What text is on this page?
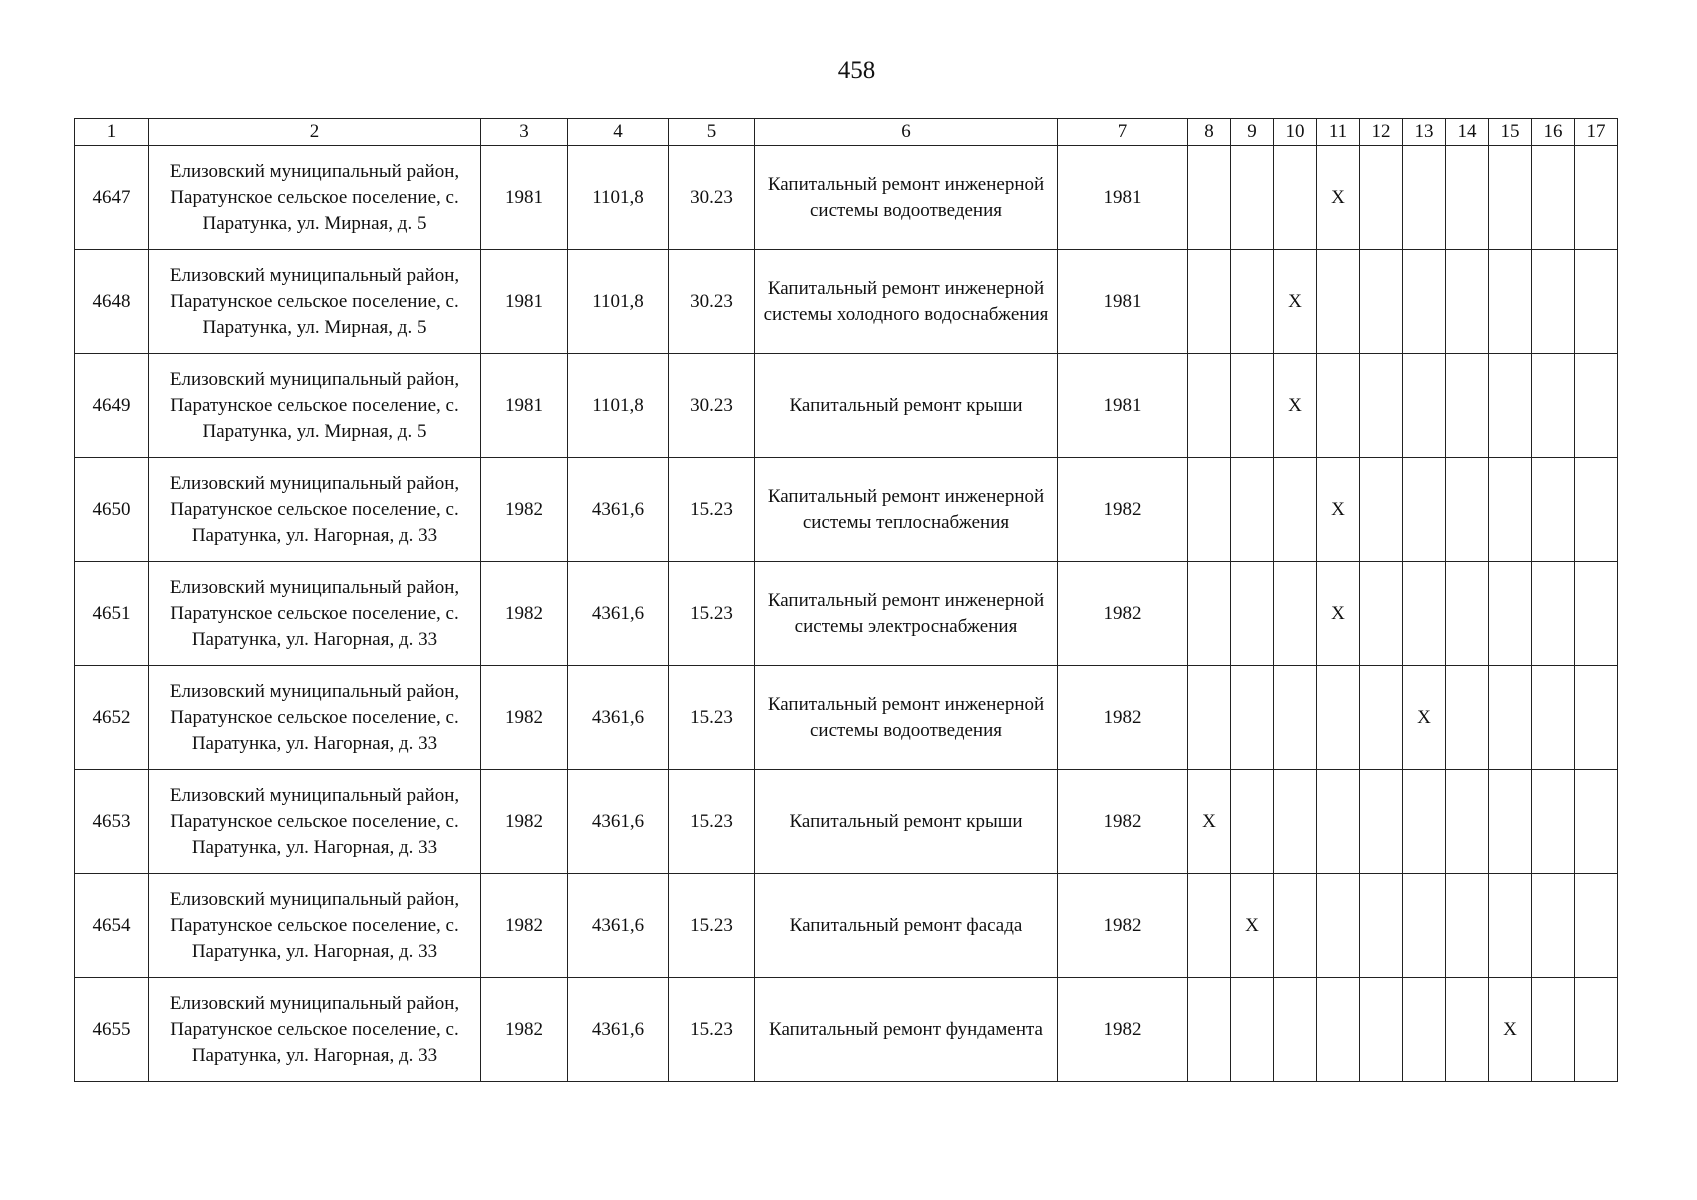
458
1	2	3	4	5	6	7	8	9	10	11	12	13	14	15	16	17
4647	Елизовский муниципальный район, Паратунское сельское поселение, с. Паратунка, ул. Мирная, д. 5	1981	1101,8	30.23	Капитальный ремонт инженерной системы водоотведения	1981				X						
4648	Елизовский муниципальный район, Паратунское сельское поселение, с. Паратунка, ул. Мирная, д. 5	1981	1101,8	30.23	Капитальный ремонт инженерной системы холодного водоснабжения	1981			X							
4649	Елизовский муниципальный район, Паратунское сельское поселение, с. Паратунка, ул. Мирная, д. 5	1981	1101,8	30.23	Капитальный ремонт крыши	1981			X							
4650	Елизовский муниципальный район, Паратунское сельское поселение, с. Паратунка, ул. Нагорная, д. 33	1982	4361,6	15.23	Капитальный ремонт инженерной системы теплоснабжения	1982				X						
4651	Елизовский муниципальный район, Паратунское сельское поселение, с. Паратунка, ул. Нагорная, д. 33	1982	4361,6	15.23	Капитальный ремонт инженерной системы электроснабжения	1982				X						
4652	Елизовский муниципальный район, Паратунское сельское поселение, с. Паратунка, ул. Нагорная, д. 33	1982	4361,6	15.23	Капитальный ремонт инженерной системы водоотведения	1982						X				
4653	Елизовский муниципальный район, Паратунское сельское поселение, с. Паратунка, ул. Нагорная, д. 33	1982	4361,6	15.23	Капитальный ремонт крыши	1982	X									
4654	Елизовский муниципальный район, Паратунское сельское поселение, с. Паратунка, ул. Нагорная, д. 33	1982	4361,6	15.23	Капитальный ремонт фасада	1982		X								
4655	Елизовский муниципальный район, Паратунское сельское поселение, с. Паратунка, ул. Нагорная, д. 33	1982	4361,6	15.23	Капитальный ремонт фундамента	1982								X		
